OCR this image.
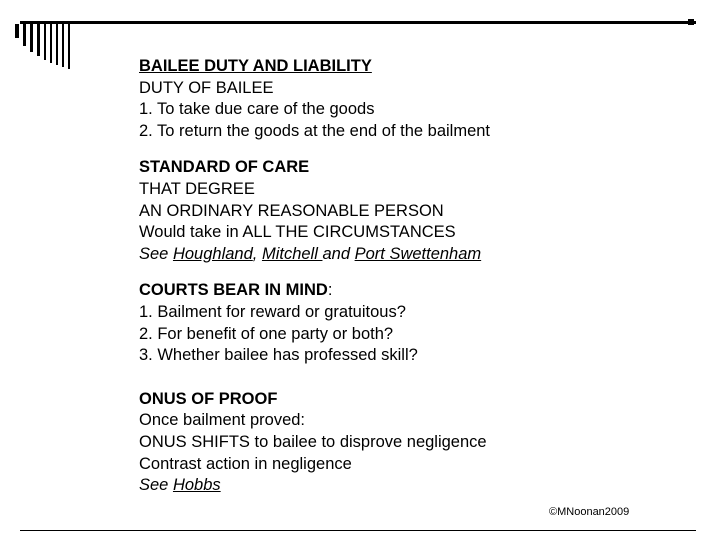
BAILEE DUTY AND LIABILITY
DUTY OF BAILEE
1. To take due care of the goods
2. To return the goods at the end of the bailment
STANDARD OF CARE
THAT DEGREE
AN ORDINARY REASONABLE PERSON
Would take in ALL THE CIRCUMSTANCES
See Houghland, Mitchell and Port Swettenham
COURTS BEAR IN MIND:
1. Bailment for reward or gratuitous?
2. For benefit of one party or both?
3. Whether bailee has professed skill?
ONUS OF PROOF
Once bailment proved:
ONUS SHIFTS to bailee to disprove negligence
Contrast action in negligence
See Hobbs
©MNoonan2009
